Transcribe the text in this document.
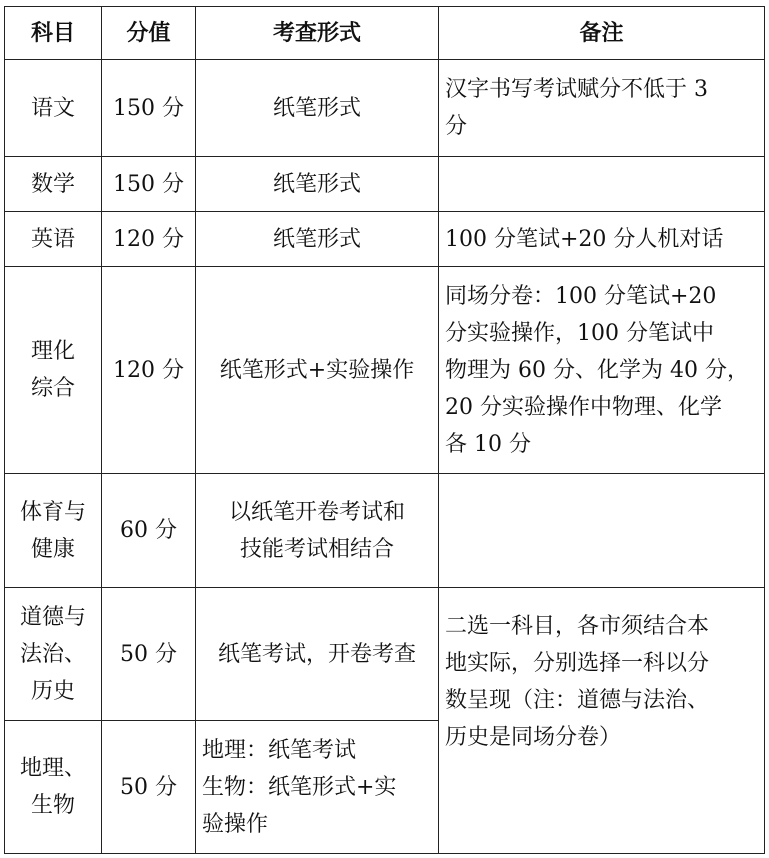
科目	分值	考查形式	备注
语文	150 分	纸笔形式	汉字书写考试赋分不低于 3
分
数学	150 分	纸笔形式	
英语	120 分	纸笔形式	100 分笔试+20 分人机对话
理化
综合	120 分	纸笔形式+实验操作	同场分卷：100 分笔试+20
分实验操作，100 分笔试中
物理为 60 分、化学为 40 分，
20 分实验操作中物理、化学
各 10 分
体育与
健康	60 分	以纸笔开卷考试和
技能考试相结合	
道德与
法治、
历史	50 分	纸笔考试，开卷考查	二选一科目，各市须结合本
地实际，分别选择一科以分
数呈现（注：道德与法治、
历史是同场分卷）
地理、
生物	50 分	地理：纸笔考试
生物：纸笔形式+实
验操作	
